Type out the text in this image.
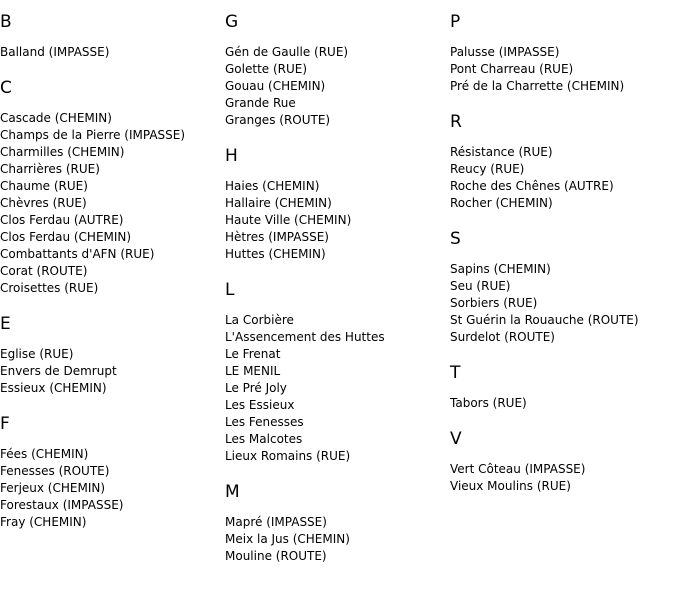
B
Balland (IMPASSE)
C
Cascade (CHEMIN)
Champs de la Pierre (IMPASSE)
Charmilles (CHEMIN)
Charrières (RUE)
Chaume (RUE)
Chèvres (RUE)
Clos Ferdau (AUTRE)
Clos Ferdau (CHEMIN)
Combattants d'AFN (RUE)
Corat (ROUTE)
Croisettes (RUE)
E
Eglise (RUE)
Envers de Demrupt
Essieux (CHEMIN)
F
Fées (CHEMIN)
Fenesses (ROUTE)
Ferjeux (CHEMIN)
Forestaux (IMPASSE)
Fray (CHEMIN)
G
Gén de Gaulle (RUE)
Golette (RUE)
Gouau (CHEMIN)
Grande Rue
Granges (ROUTE)
H
Haies (CHEMIN)
Hallaire (CHEMIN)
Haute Ville (CHEMIN)
Hètres (IMPASSE)
Huttes (CHEMIN)
L
La Corbière
L'Assencement des Huttes
Le Frenat
LE MENIL
Le Pré Joly
Les Essieux
Les Fenesses
Les Malcotes
Lieux Romains (RUE)
M
Mapré (IMPASSE)
Meix la Jus (CHEMIN)
Mouline (ROUTE)
P
Palusse (IMPASSE)
Pont Charreau (RUE)
Pré de la Charrette (CHEMIN)
R
Résistance (RUE)
Reucy (RUE)
Roche des Chênes (AUTRE)
Rocher (CHEMIN)
S
Sapins (CHEMIN)
Seu (RUE)
Sorbiers (RUE)
St Guérin la Rouauche (ROUTE)
Surdelot (ROUTE)
T
Tabors (RUE)
V
Vert Côteau (IMPASSE)
Vieux Moulins (RUE)
